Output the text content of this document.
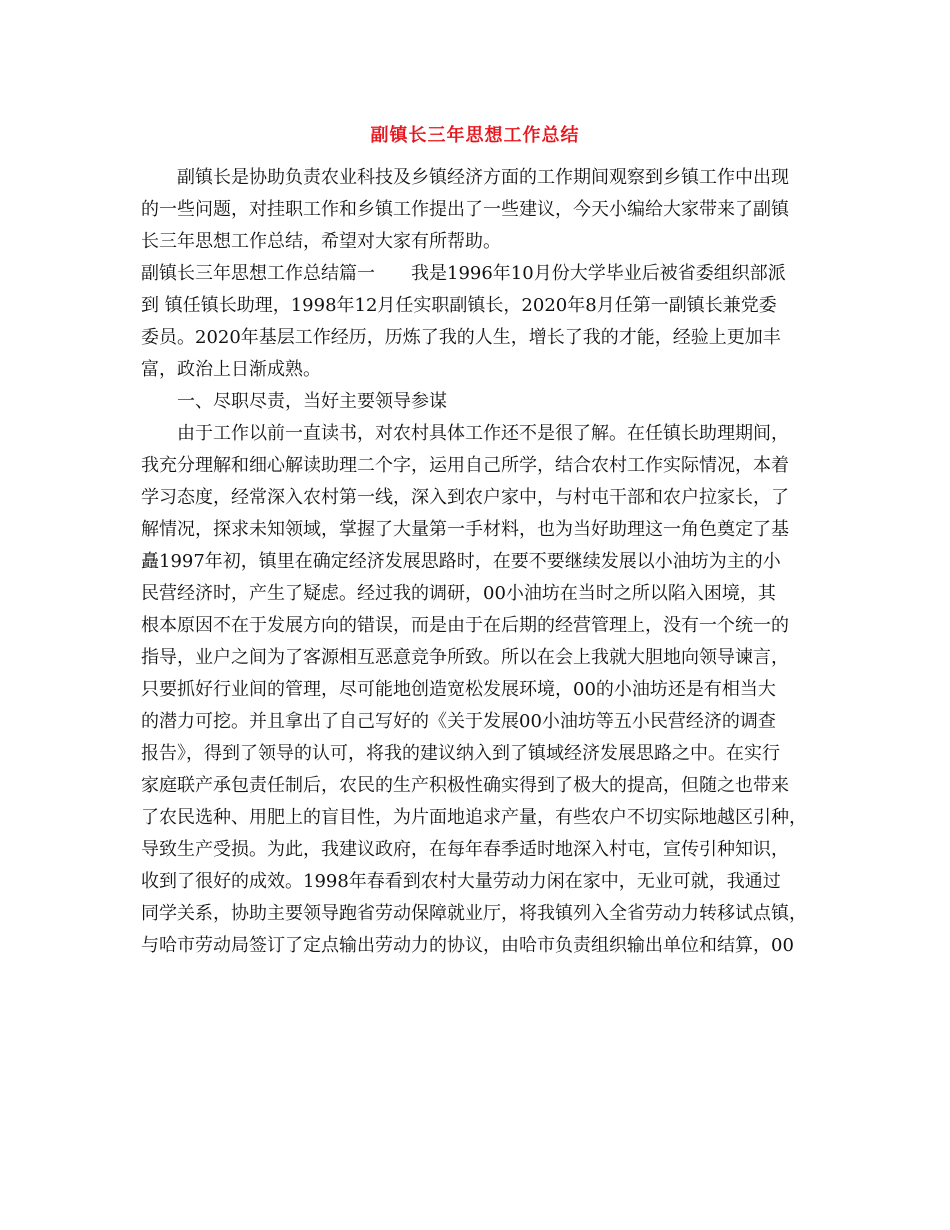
副镇长三年思想工作总结
副镇长是协助负责农业科技及乡镇经济方面的工作期间观察到乡镇工作中出现
的一些问题，对挂职工作和乡镇工作提出了一些建议，今天小编给大家带来了副镇
长三年思想工作总结，希望对大家有所帮助。
副镇长三年思想工作总结篇一　　我是1996年10月份大学毕业后被省委组织部派
到 镇任镇长助理，1998年12月任实职副镇长，2020年8月任第一副镇长兼党委
委员。2020年基层工作经历，历炼了我的人生，增长了我的才能，经验上更加丰
富，政治上日渐成熟。
一、尽职尽责，当好主要领导参谋
由于工作以前一直读书，对农村具体工作还不是很了解。在任镇长助理期间，
我充分理解和细心解读助理二个字，运用自己所学，结合农村工作实际情况，本着
学习态度，经常深入农村第一线，深入到农户家中，与村屯干部和农户拉家长，了
解情况，探求未知领域，掌握了大量第一手材料，也为当好助理这一角色奠定了基
矗1997年初，镇里在确定经济发展思路时，在要不要继续发展以小油坊为主的小
民营经济时，产生了疑虑。经过我的调研，00小油坊在当时之所以陷入困境，其
根本原因不在于发展方向的错误，而是由于在后期的经营管理上，没有一个统一的
指导，业户之间为了客源相互恶意竞争所致。所以在会上我就大胆地向领导谏言，
只要抓好行业间的管理，尽可能地创造宽松发展环境，00的小油坊还是有相当大
的潜力可挖。并且拿出了自己写好的《关于发展00小油坊等五小民营经济的调查
报告》，得到了领导的认可，将我的建议纳入到了镇域经济发展思路之中。在实行
家庭联产承包责任制后，农民的生产积极性确实得到了极大的提高，但随之也带来
了农民选种、用肥上的盲目性，为片面地追求产量，有些农户不切实际地越区引种，
导致生产受损。为此，我建议政府，在每年春季适时地深入村屯，宣传引种知识，
收到了很好的成效。1998年春看到农村大量劳动力闲在家中，无业可就，我通过
同学关系，协助主要领导跑省劳动保障就业厅，将我镇列入全省劳动力转移试点镇，
与哈市劳动局签订了定点输出劳动力的协议，由哈市负责组织输出单位和结算，00
